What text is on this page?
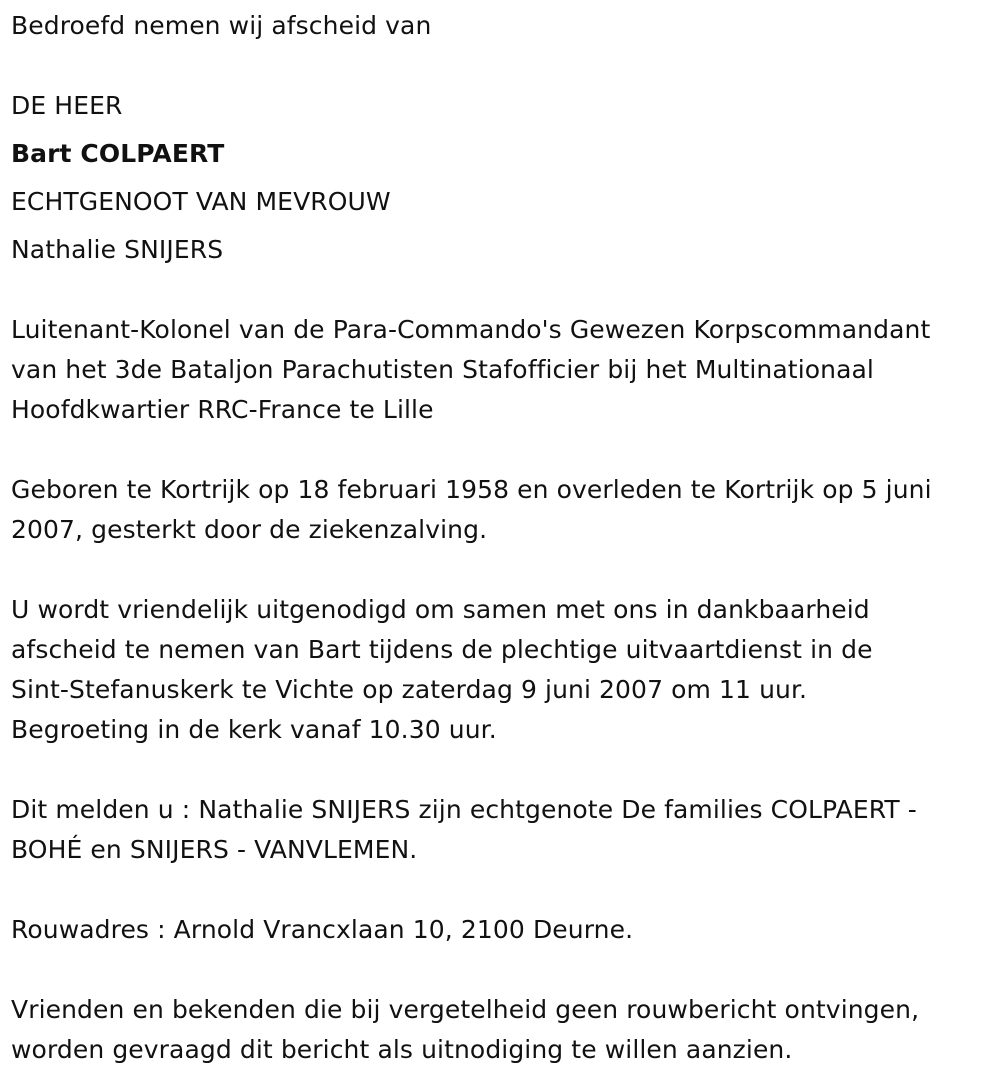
Bedroefd nemen wij afscheid van
DE HEER
Bart COLPAERT
ECHTGENOOT VAN MEVROUW
Nathalie SNIJERS
Luitenant-Kolonel van de Para-Commando's Gewezen Korpscommandant
van het 3de Bataljon Parachutisten Stafofficier bij het Multinationaal
Hoofdkwartier RRC-France te Lille
Geboren te Kortrijk op 18 februari 1958 en overleden te Kortrijk op 5 juni
2007, gesterkt door de ziekenzalving.
U wordt vriendelijk uitgenodigd om samen met ons in dankbaarheid
afscheid te nemen van Bart tijdens de plechtige uitvaartdienst in de
Sint-Stefanuskerk te Vichte op zaterdag 9 juni 2007 om 11 uur.
Begroeting in de kerk vanaf 10.30 uur.
Dit melden u : Nathalie SNIJERS zijn echtgenote De families COLPAERT -
BOHÉ en SNIJERS - VANVLEMEN.
Rouwadres : Arnold Vrancxlaan 10, 2100 Deurne.
Vrienden en bekenden die bij vergetelheid geen rouwbericht ontvingen,
worden gevraagd dit bericht als uitnodiging te willen aanzien.
